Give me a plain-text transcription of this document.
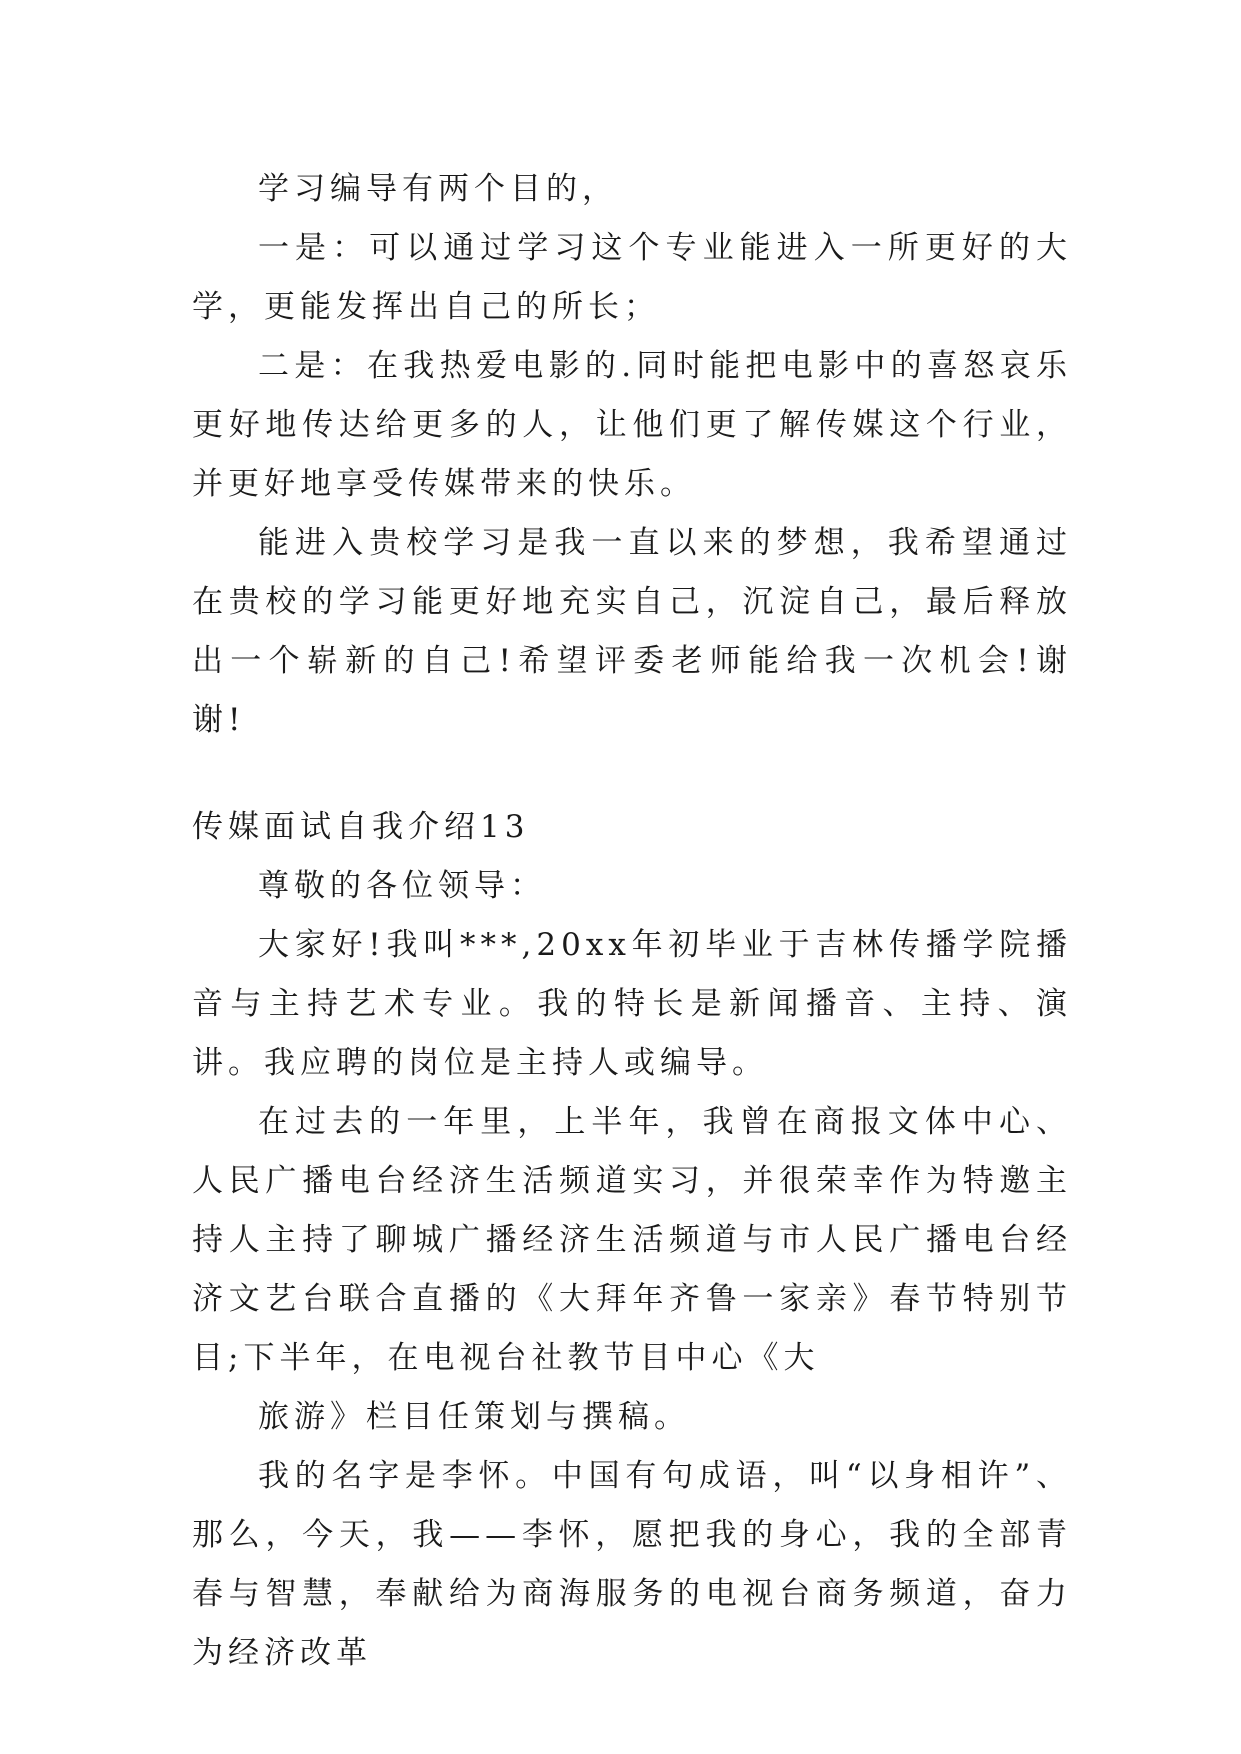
学习编导有两个目的，

一是：可以通过学习这个专业能进入一所更好的大学，更能发挥出自己的所长；

二是：在我热爱电影的.同时能把电影中的喜怒哀乐更好地传达给更多的人，让他们更了解传媒这个行业，并更好地享受传媒带来的快乐。

能进入贵校学习是我一直以来的梦想，我希望通过在贵校的学习能更好地充实自己，沉淀自己，最后释放出一个崭新的自己!希望评委老师能给我一次机会!谢谢!

传媒面试自我介绍13

尊敬的各位领导：

大家好!我叫***,20xx年初毕业于吉林传播学院播音与主持艺术专业。我的特长是新闻播音、主持、演讲。我应聘的岗位是主持人或编导。

在过去的一年里，上半年，我曾在商报文体中心、人民广播电台经济生活频道实习，并很荣幸作为特邀主持人主持了聊城广播经济生活频道与市人民广播电台经济文艺台联合直播的《大拜年齐鲁一家亲》春节特别节目;下半年，在电视台社教节目中心《大

旅游》栏目任策划与撰稿。

我的名字是李怀。中国有句成语，叫“以身相许”、那么，今天，我——李怀，愿把我的身心，我的全部青春与智慧，奉献给为商海服务的电视台商务频道，奋力为经济改革
